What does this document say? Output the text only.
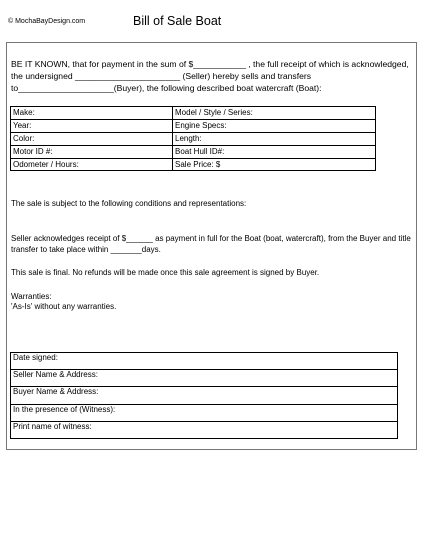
© MochaBayDesign.com	Bill of Sale Boat
BE IT KNOWN, that for payment in the sum of $___________ , the full receipt of which is acknowledged, the undersigned ______________________ (Seller) hereby sells and transfers to____________________(Buyer), the following described boat watercraft (Boat):
Make:	Model / Style / Series:
Year:	Engine Specs:
Color:	Length:
Motor ID #:	Boat Hull ID#:
Odometer / Hours:	Sale Price: $
The sale is subject to the following conditions and representations:
Seller acknowledges receipt of $______ as payment in full for the Boat (boat, watercraft), from the Buyer and title transfer to take place within _______days.
This sale is final. No refunds will be made once this sale agreement is signed by Buyer.
Warranties:
'As-Is' without any warranties.
Date signed:
Seller Name & Address:
Buyer Name & Address:
In the presence of (Witness):
Print name of witness:
